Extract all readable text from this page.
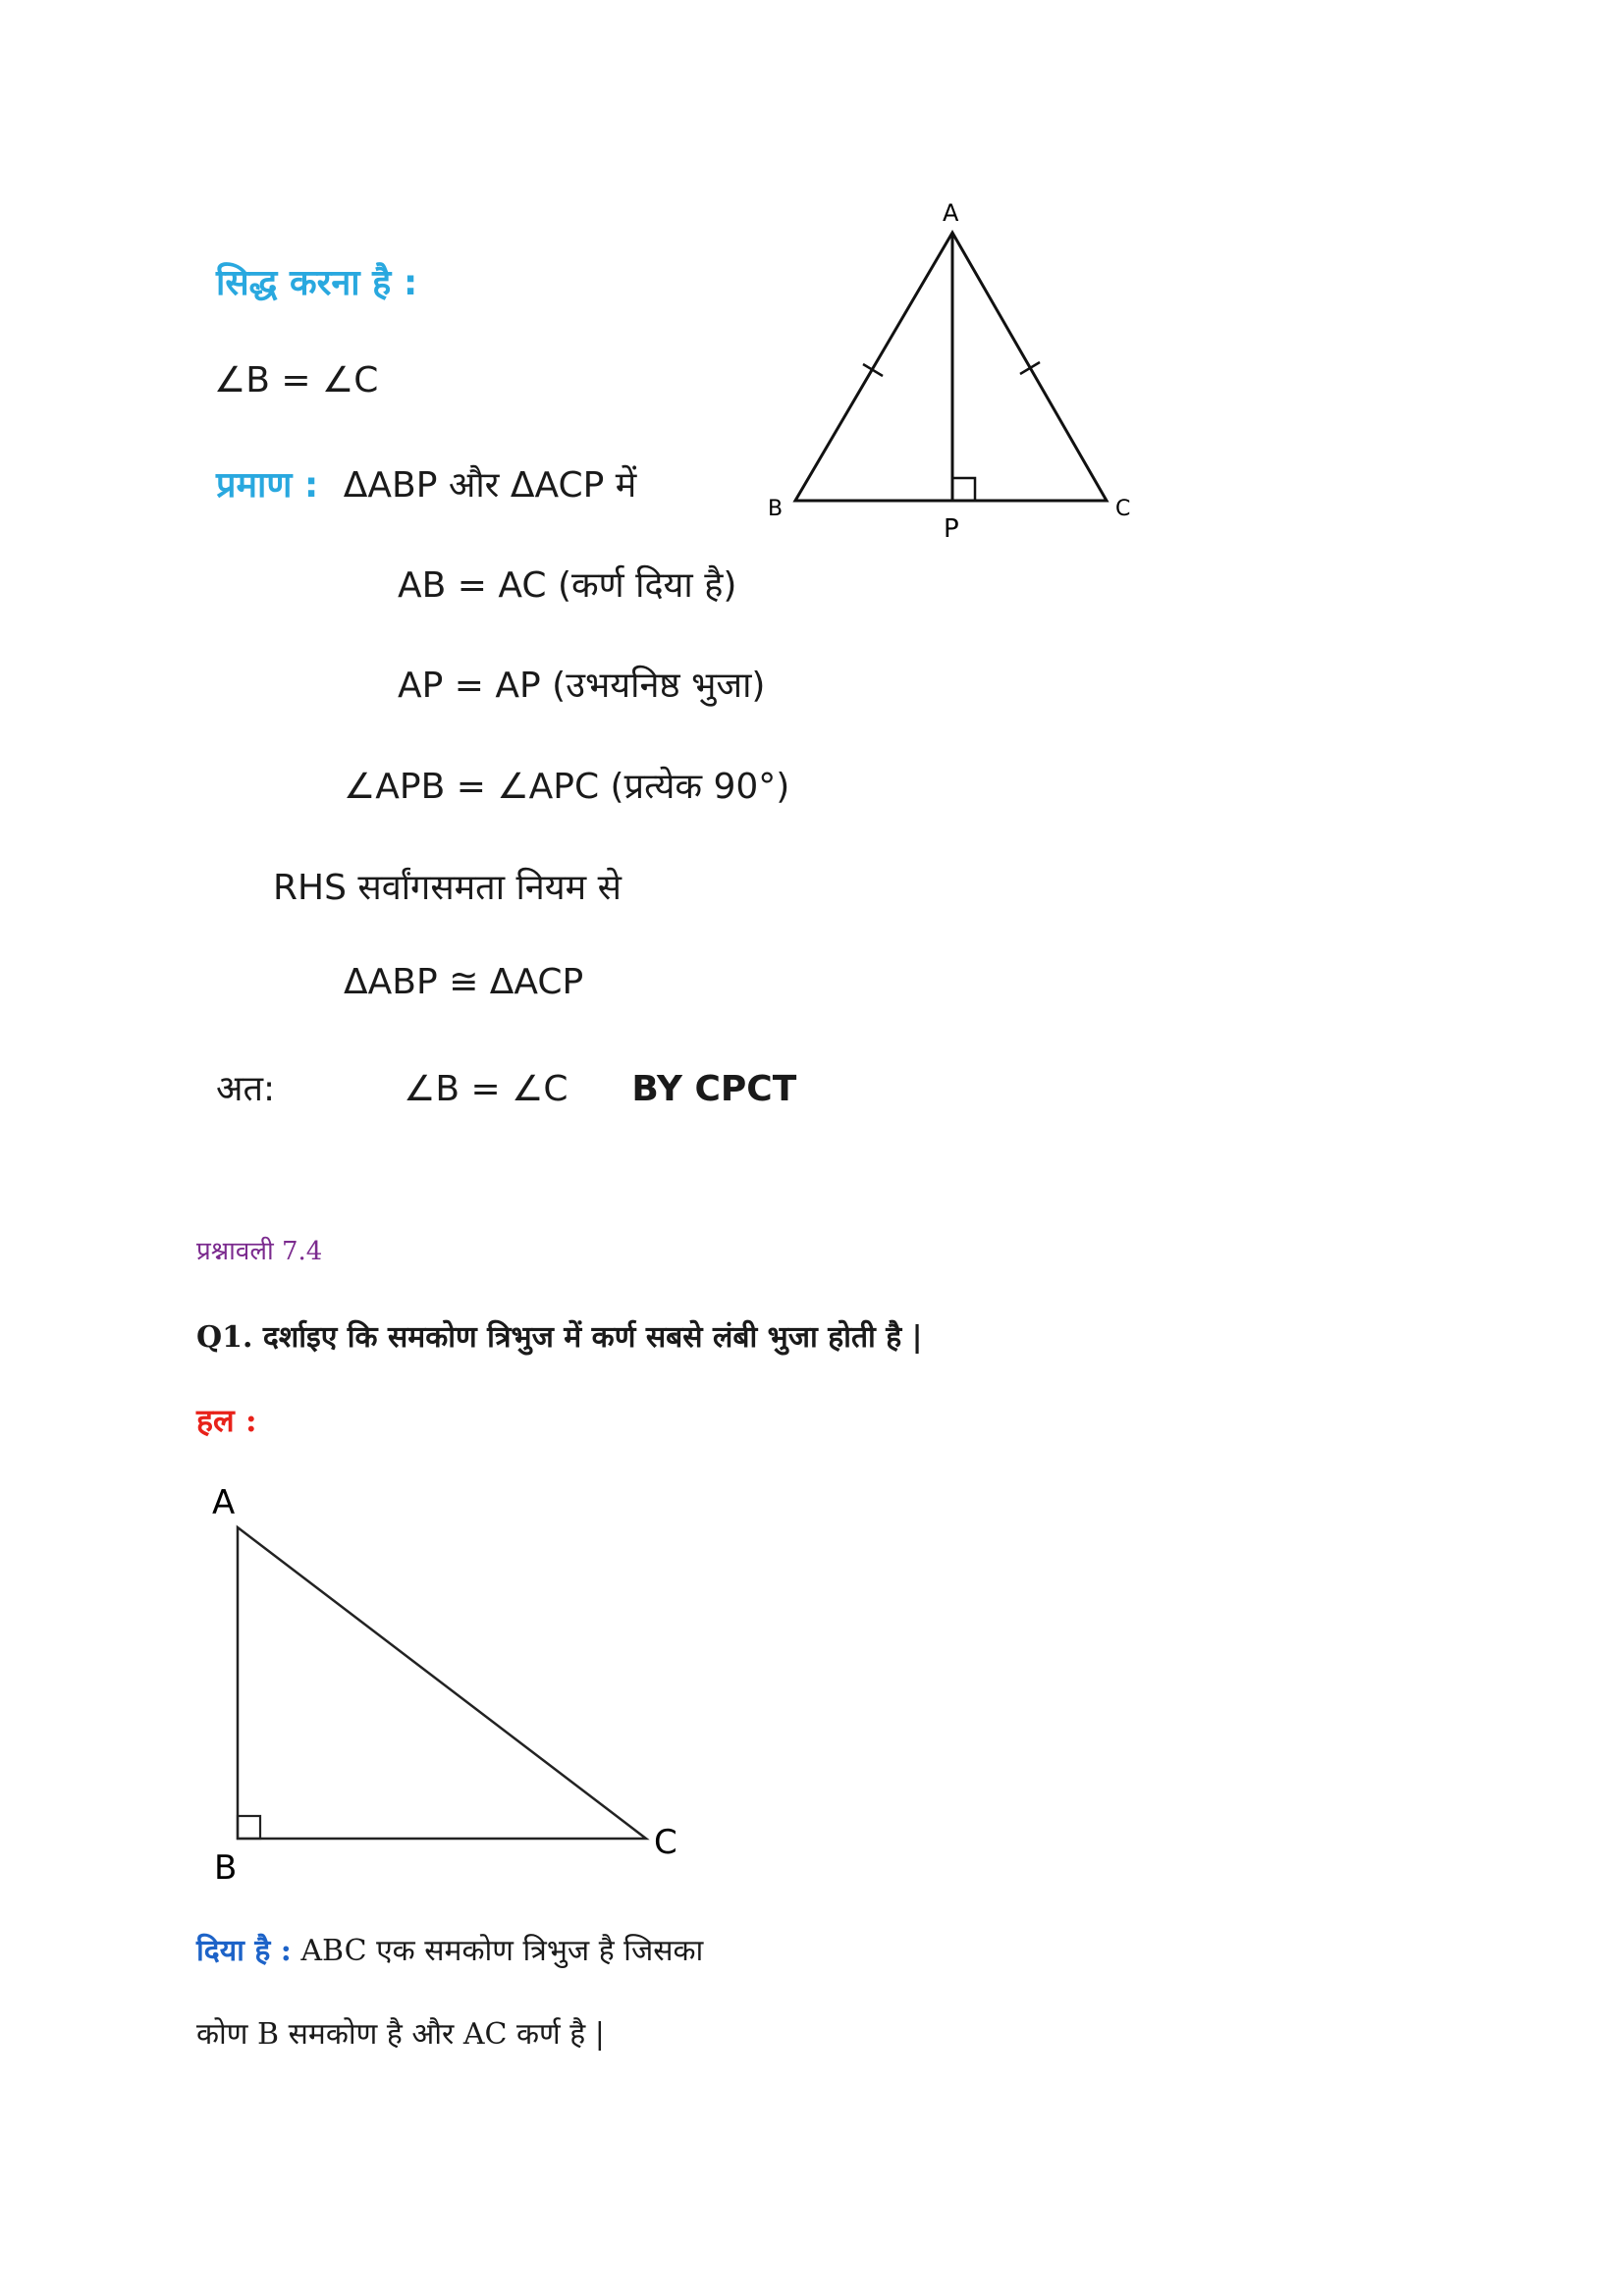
सिद्ध करना है :
∠B = ∠C
प्रमाण : ΔABP और ΔACP में
AB = AC (कर्ण दिया है)
AP = AP (उभयनिष्ठ भुजा)
∠APB = ∠APC (प्रत्येक 90°)
RHS सर्वांगसमता नियम से
ΔABP ≅ ΔACP
अत:	∠B = ∠C BY CPCT
A
B	C
P
प्रश्नावली 7.4
Q1. दर्शाइए कि समकोण त्रिभुज में कर्ण सबसे लंबी भुजा होती है |
हल :
A
B
C
दिया है : ABC एक समकोण त्रिभुज है जिसका
कोण B समकोण है और AC कर्ण है |
